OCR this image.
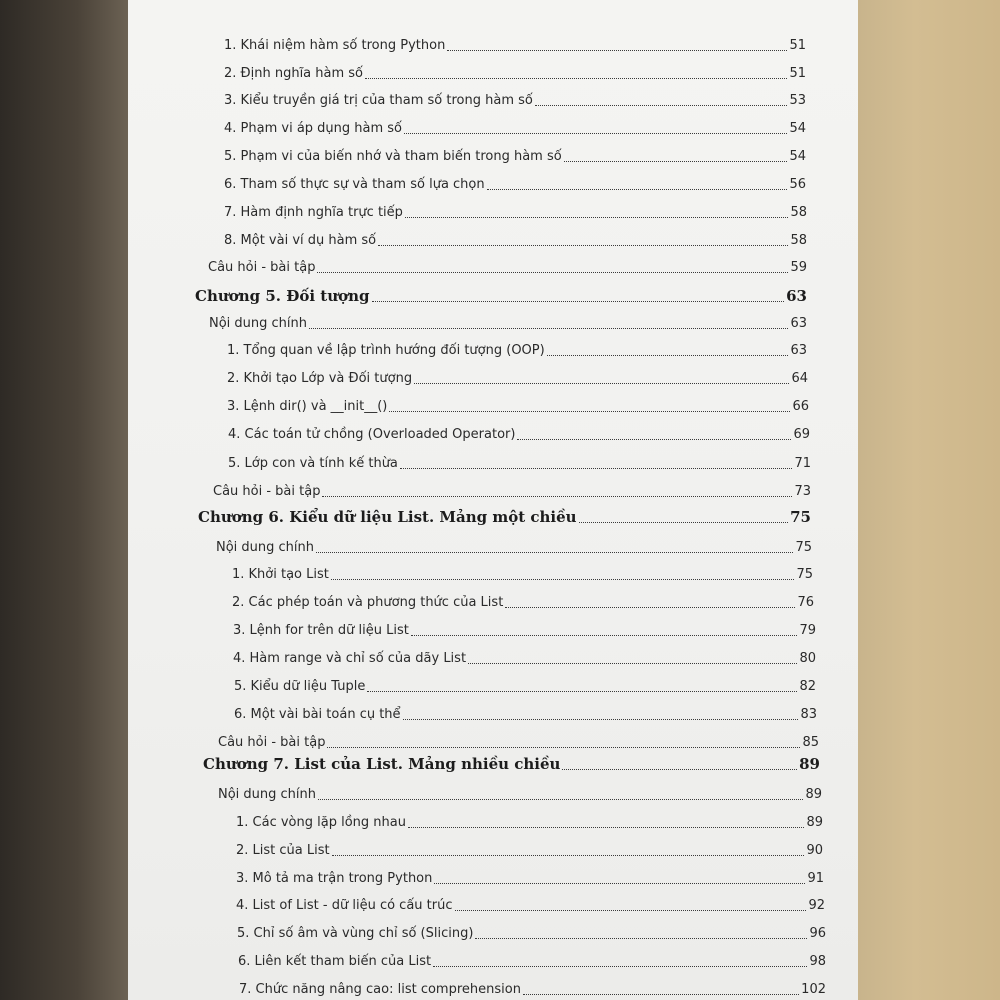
1. Khái niệm hàm số trong Python	51
2. Định nghĩa hàm số	51
3. Kiểu truyền giá trị của tham số trong hàm số	53
4. Phạm vi áp dụng hàm số	54
5. Phạm vi của biến nhớ và tham biến trong hàm số	54
6. Tham số thực sự và tham số lựa chọn	56
7. Hàm định nghĩa trực tiếp	58
8. Một vài ví dụ hàm số	58
Câu hỏi - bài tập	59
Chương 5. Đối tượng	63
Nội dung chính	63
1. Tổng quan về lập trình hướng đối tượng (OOP)	63
2. Khởi tạo Lớp và Đối tượng	64
3. Lệnh dir() và __init__()	66
4. Các toán tử chồng (Overloaded Operator)	69
5. Lớp con và tính kế thừa	71
Câu hỏi - bài tập	73
Chương 6. Kiểu dữ liệu List. Mảng một chiều	75
Nội dung chính	75
1. Khởi tạo List	75
2. Các phép toán và phương thức của List	76
3. Lệnh for trên dữ liệu List	79
4. Hàm range và chỉ số của dãy List	80
5. Kiểu dữ liệu Tuple	82
6. Một vài bài toán cụ thể	83
Câu hỏi - bài tập	85
Chương 7. List của List. Mảng nhiều chiều	89
Nội dung chính	89
1. Các vòng lặp lồng nhau	89
2. List của List	90
3. Mô tả ma trận trong Python	91
4. List of List - dữ liệu có cấu trúc	92
5. Chỉ số âm và vùng chỉ số (Slicing)	96
6. Liên kết tham biến của List	98
7. Chức năng nâng cao: list comprehension	102
